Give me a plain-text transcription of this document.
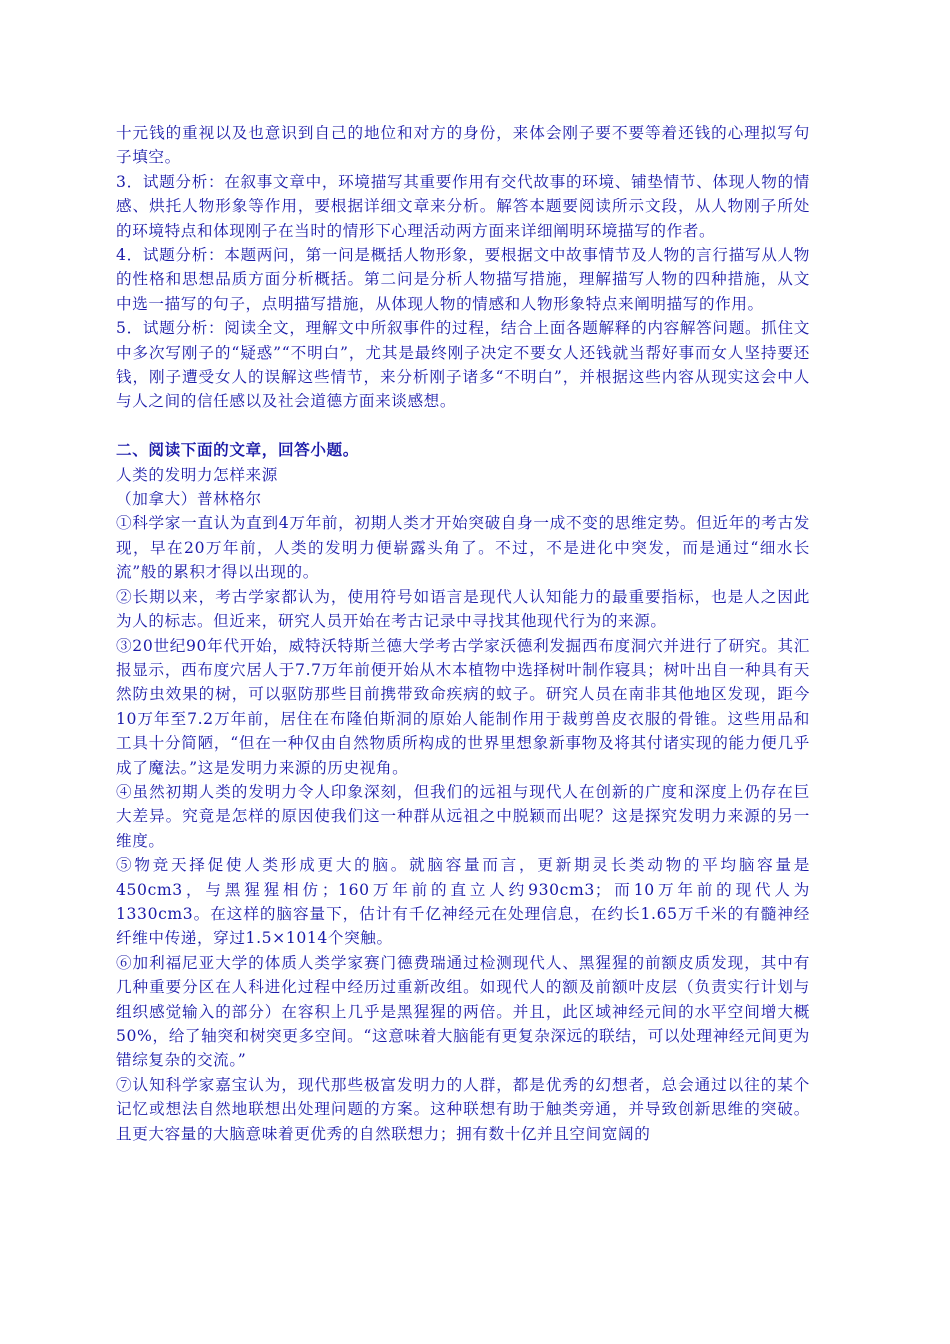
十元钱的重视以及也意识到自己的地位和对方的身份，来体会刚子要不要等着还钱的心理拟写句子填空。

3．试题分析：在叙事文章中，环境描写其重要作用有交代故事的环境、铺垫情节、体现人物的情感、烘托人物形象等作用，要根据详细文章来分析。解答本题要阅读所示文段，从人物刚子所处的环境特点和体现刚子在当时的情形下心理活动两方面来详细阐明环境描写的作者。

4．试题分析：本题两问，第一问是概括人物形象，要根据文中故事情节及人物的言行描写从人物的性格和思想品质方面分析概括。第二问是分析人物描写措施，理解描写人物的四种措施，从文中选一描写的句子，点明描写措施，从体现人物的情感和人物形象特点来阐明描写的作用。

5．试题分析：阅读全文，理解文中所叙事件的过程，结合上面各题解释的内容解答问题。抓住文中多次写刚子的“疑惑”“不明白”，尤其是最终刚子决定不要女人还钱就当帮好事而女人坚持要还钱，刚子遭受女人的误解这些情节，来分析刚子诸多“不明白”，并根据这些内容从现实这会中人与人之间的信任感以及社会道德方面来谈感想。

二、阅读下面的文章，回答小题。

人类的发明力怎样来源

（加拿大）普林格尔

①科学家一直认为直到4万年前，初期人类才开始突破自身一成不变的思维定势。但近年的考古发现，早在20万年前，人类的发明力便崭露头角了。不过，不是进化中突发，而是通过“细水长流”般的累积才得以出现的。

②长期以来，考古学家都认为，使用符号如语言是现代人认知能力的最重要指标，也是人之因此为人的标志。但近来，研究人员开始在考古记录中寻找其他现代行为的来源。

③20世纪90年代开始，威特沃特斯兰德大学考古学家沃德利发掘西布度洞穴并进行了研究。其汇报显示，西布度穴居人于7.7万年前便开始从木本植物中选择树叶制作寝具；树叶出自一种具有天然防虫效果的树，可以驱防那些目前携带致命疾病的蚊子。研究人员在南非其他地区发现，距今10万年至7.2万年前，居住在布隆伯斯洞的原始人能制作用于裁剪兽皮衣服的骨锥。这些用品和工具十分简陋，“但在一种仅由自然物质所构成的世界里想象新事物及将其付诸实现的能力便几乎成了魔法。”这是发明力来源的历史视角。

④虽然初期人类的发明力令人印象深刻，但我们的远祖与现代人在创新的广度和深度上仍存在巨大差异。究竟是怎样的原因使我们这一种群从远祖之中脱颖而出呢？这是探究发明力来源的另一维度。

⑤物竞天择促使人类形成更大的脑。就脑容量而言，更新期灵长类动物的平均脑容量是450cm3，与黑猩猩相仿；160万年前的直立人约930cm3；而10万年前的现代人为1330cm3。在这样的脑容量下，估计有千亿神经元在处理信息，在约长1.65万千米的有髓神经纤维中传递，穿过1.5×1014个突触。

⑥加利福尼亚大学的体质人类学家赛门德费瑞通过检测现代人、黑猩猩的前额皮质发现，其中有几种重要分区在人科进化过程中经历过重新改组。如现代人的额及前额叶皮层（负责实行计划与组织感觉输入的部分）在容积上几乎是黑猩猩的两倍。并且，此区域神经元间的水平空间增大概50%，给了轴突和树突更多空间。“这意味着大脑能有更复杂深远的联结，可以处理神经元间更为错综复杂的交流。”

⑦认知科学家嘉宝认为，现代那些极富发明力的人群，都是优秀的幻想者，总会通过以往的某个记忆或想法自然地联想出处理问题的方案。这种联想有助于触类旁通，并导致创新思维的突破。且更大容量的大脑意味着更优秀的自然联想力；拥有数十亿并且空间宽阔的
